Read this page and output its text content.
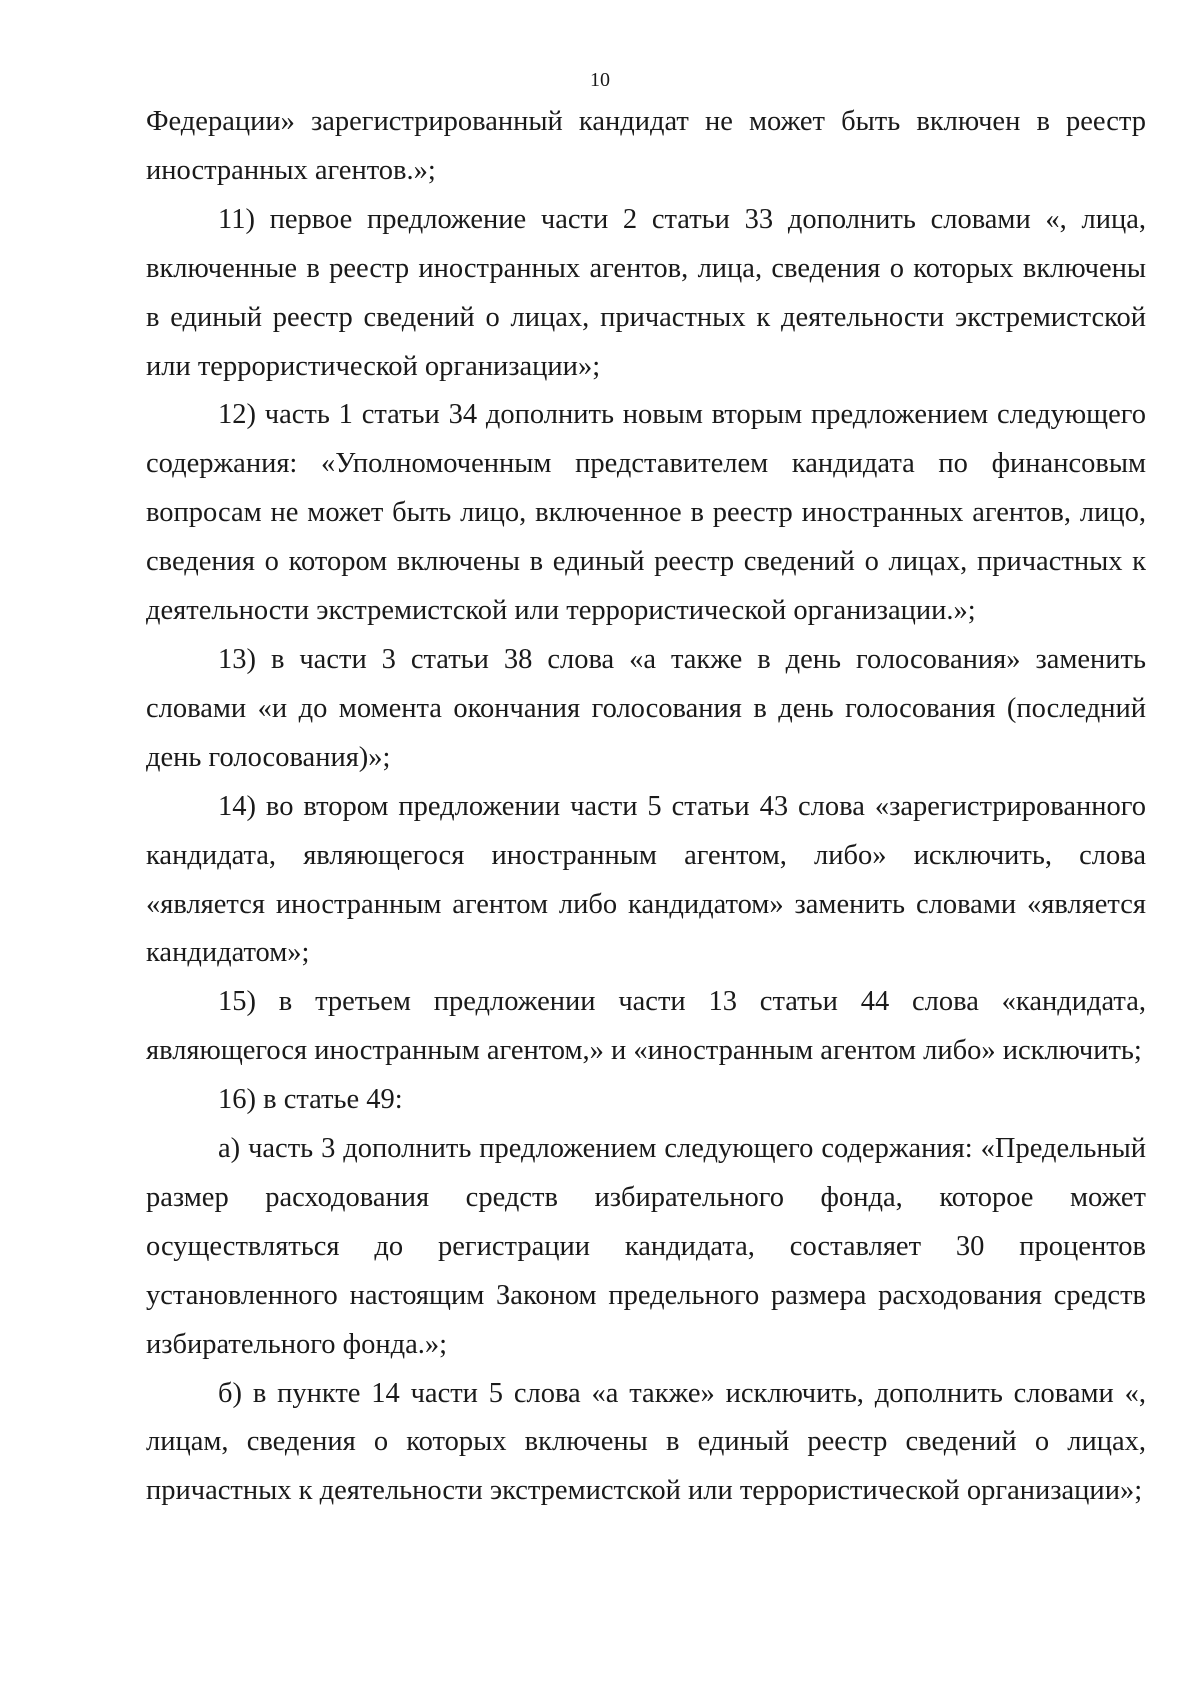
10

Федерации» зарегистрированный кандидат не может быть включен в реестр иностранных агентов.»;

11) первое предложение части 2 статьи 33 дополнить словами «, лица, включенные в реестр иностранных агентов, лица, сведения о которых включены в единый реестр сведений о лицах, причастных к деятельности экстремистской или террористической организации»;

12) часть 1 статьи 34 дополнить новым вторым предложением следующего содержания: «Уполномоченным представителем кандидата по финансовым вопросам не может быть лицо, включенное в реестр иностранных агентов, лицо, сведения о котором включены в единый реестр сведений о лицах, причастных к деятельности экстремистской или террористической организации.»;

13) в части 3 статьи 38 слова «а также в день голосования» заменить словами «и до момента окончания голосования в день голосования (последний день голосования)»;

14) во втором предложении части 5 статьи 43 слова «зарегистрированного кандидата, являющегося иностранным агентом, либо» исключить, слова «является иностранным агентом либо кандидатом» заменить словами «является кандидатом»;

15) в третьем предложении части 13 статьи 44 слова «кандидата, являющегося иностранным агентом,» и «иностранным агентом либо» исключить;

16) в статье 49:

а) часть 3 дополнить предложением следующего содержания: «Предельный размер расходования средств избирательного фонда, которое может осуществляться до регистрации кандидата, составляет 30 процентов установленного настоящим Законом предельного размера расходования средств избирательного фонда.»;

б) в пункте 14 части 5 слова «а также» исключить, дополнить словами «, лицам, сведения о которых включены в единый реестр сведений о лицах, причастных к деятельности экстремистской или террористической организации»;
